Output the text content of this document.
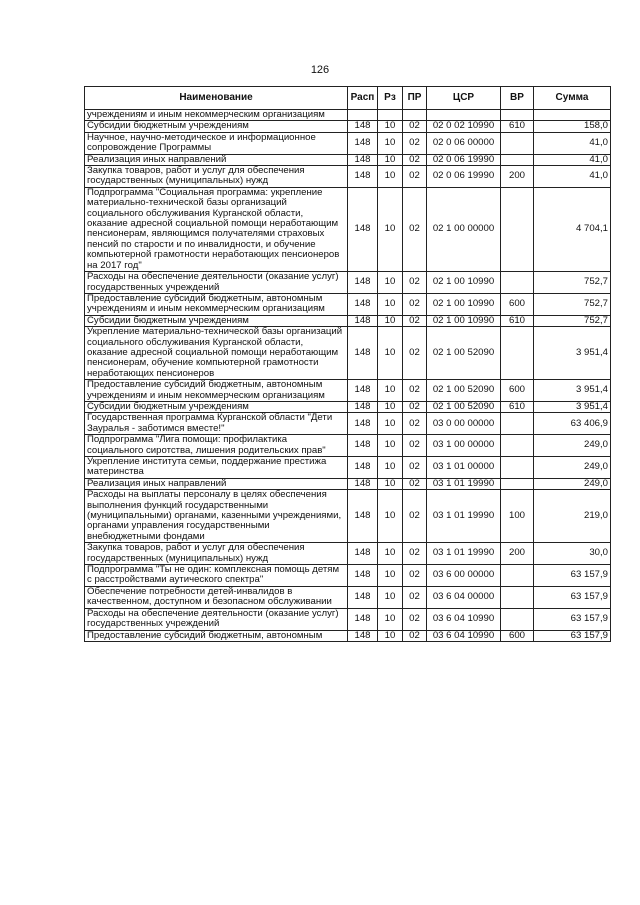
126
Наименование	Расп	Рз	ПР	ЦСР	ВР	Сумма
учреждениям и иным некоммерческим организациям						
Субсидии бюджетным учреждениям	148	10	02	02 0 02 10990	610	158,0
Научное, научно-методическое и информационное сопровождение Программы	148	10	02	02 0 06 00000		41,0
Реализация иных направлений	148	10	02	02 0 06 19990		41,0
Закупка товаров, работ и услуг для обеспечения государственных (муниципальных) нужд	148	10	02	02 0 06 19990	200	41,0
Подпрограмма "Социальная программа: укрепление материально-технической базы организаций социального обслуживания Курганской области, оказание адресной социальной помощи неработающим пенсионерам, являющимся получателями страховых пенсий по старости и по инвалидности, и обучение компьютерной грамотности неработающих пенсионеров на 2017 год"	148	10	02	02 1 00 00000		4 704,1
Расходы на обеспечение деятельности (оказание услуг) государственных учреждений	148	10	02	02 1 00 10990		752,7
Предоставление субсидий бюджетным, автономным учреждениям и иным некоммерческим организациям	148	10	02	02 1 00 10990	600	752,7
Субсидии бюджетным учреждениям	148	10	02	02 1 00 10990	610	752,7
Укрепление материально-технической базы организаций социального обслуживания Курганской области, оказание адресной социальной помощи неработающим пенсионерам, обучение компьютерной грамотности неработающих пенсионеров	148	10	02	02 1 00 52090		3 951,4
Предоставление субсидий бюджетным, автономным учреждениям и иным некоммерческим организациям	148	10	02	02 1 00 52090	600	3 951,4
Субсидии бюджетным учреждениям	148	10	02	02 1 00 52090	610	3 951,4
Государственная программа Курганской области "Дети Зауралья - заботимся вместе!"	148	10	02	03 0 00 00000		63 406,9
Подпрограмма "Лига помощи: профилактика социального сиротства, лишения родительских прав"	148	10	02	03 1 00 00000		249,0
Укрепление института семьи, поддержание престижа материнства	148	10	02	03 1 01 00000		249,0
Реализация иных направлений	148	10	02	03 1 01 19990		249,0
Расходы на выплаты персоналу в целях обеспечения выполнения функций государственными (муниципальными) органами, казенными учреждениями, органами управления государственными внебюджетными фондами	148	10	02	03 1 01 19990	100	219,0
Закупка товаров, работ и услуг для обеспечения государственных (муниципальных) нужд	148	10	02	03 1 01 19990	200	30,0
Подпрограмма "Ты не один: комплексная помощь детям с расстройствами аутического спектра"	148	10	02	03 6 00 00000		63 157,9
Обеспечение потребности детей-инвалидов в качественном, доступном и безопасном обслуживании	148	10	02	03 6 04 00000		63 157,9
Расходы на обеспечение деятельности (оказание услуг) государственных учреждений	148	10	02	03 6 04 10990		63 157,9
Предоставление субсидий бюджетным, автономным	148	10	02	03 6 04 10990	600	63 157,9
